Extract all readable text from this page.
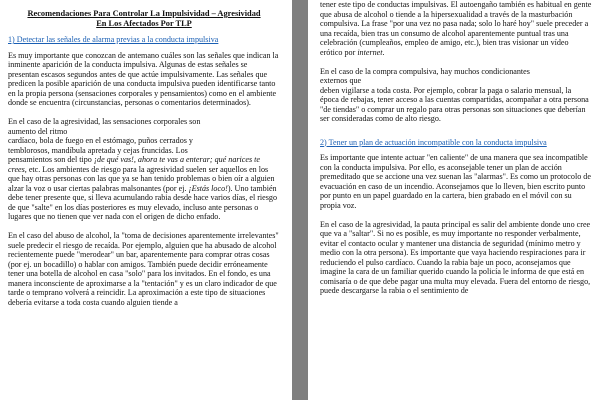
Recomendaciones Para Controlar La Impulsividad – Agresividad
En Los Afectados Por TLP
1) Detectar las señales de alarma previas a la conducta impulsiva

Es muy importante que conozcan de antemano cuáles son las señales que indican la inminente aparición de la conducta impulsiva. Algunas de estas señales se presentan escasos segundos antes de que actúe impulsivamente. Las señales que predicen la posible aparición de una conducta impulsiva pueden identificarse tanto en la propia persona (sensaciones corporales y pensamientos) como en el ambiente donde se encuentra (circunstancias, personas o comentarios determinados).

En el caso de la agresividad, las sensaciones corporales son
aumento del ritmo
cardíaco, bola de fuego en el estómago, puños cerrados y
temblorosos, mandíbula apretada y cejas fruncidas. Los
pensamientos son del tipo ¡de qué vas!, ahora te vas a enterar; qué narices te crees, etc. Los ambientes de riesgo para la agresividad suelen ser aquellos en los que hay otras personas con las que ya se han tenido problemas o bien oír a alguien alzar la voz o usar ciertas palabras malsonantes (por ej. ¡Estás loco!). Uno también debe tener presente que, si lleva acumulando rabia desde hace varios días, el riesgo de que "salte" en los días posteriores es muy elevado, incluso ante personas o lugares que no tienen que ver nada con el origen de dicho enfado.

En el caso del abuso de alcohol, la "toma de decisiones aparentemente irrelevantes" suele predecir el riesgo de recaída. Por ejemplo, alguien que ha abusado de alcohol recientemente puede "merodear" un bar, aparentemente para comprar otras cosas (por ej. un bocadillo) o hablar con amigos. También puede decidir erróneamente tener una botella de alcohol en casa "solo" para los invitados. En el fondo, es una manera inconsciente de aproximarse a la "tentación" y es un claro indicador de que tarde o temprano volverá a reincidir. La aproximación a este tipo de situaciones debería evitarse a toda costa cuando alguien tiende a

tener este tipo de conductas impulsivas. El autoengaño también es habitual en gente que abusa de alcohol o tiende a la hipersexualidad a través de la masturbación compulsiva. La frase "por una vez no pasa nada; solo lo haré hoy" suele preceder a una recaída, bien tras un consumo de alcohol aparentemente puntual tras una celebración (cumpleaños, empleo de amigo, etc.), bien tras visionar un vídeo erótico por internet.

En el caso de la compra compulsiva, hay muchos condicionantes
externos que
deben vigilarse a toda costa. Por ejemplo, cobrar la paga o salario mensual, la época de rebajas, tener acceso a las cuentas compartidas, acompañar a otra persona "de tiendas" o comprar un regalo para otras personas son situaciones que deberían ser consideradas como de alto riesgo.
2) Tener un plan de actuación incompatible con la conducta impulsiva

Es importante que intente actuar "en caliente" de una manera que sea incompatible con la conducta impulsiva. Por ello, es aconsejable tener un plan de acción premeditado que se accione una vez suenan las "alarmas". Es como un protocolo de evacuación en caso de un incendio. Aconsejamos que lo lleven, bien escrito punto por punto en un papel guardado en la cartera, bien grabado en el móvil con su propia voz.

En el caso de la agresividad, la pauta principal es salir del ambiente donde uno cree que va a "saltar". Si no es posible, es muy importante no responder verbalmente, evitar el contacto ocular y mantener una distancia de seguridad (mínimo metro y medio con la otra persona). Es importante que vaya haciendo respiraciones para ir reduciendo el pulso cardíaco. Cuando la rabia baje un poco, aconsejamos que imagine la cara de un familiar querido cuando la policía le informa de que está en comisaría o de que debe pagar una multa muy elevada. Fuera del entorno de riesgo, puede descargarse la rabia o el sentimiento de
